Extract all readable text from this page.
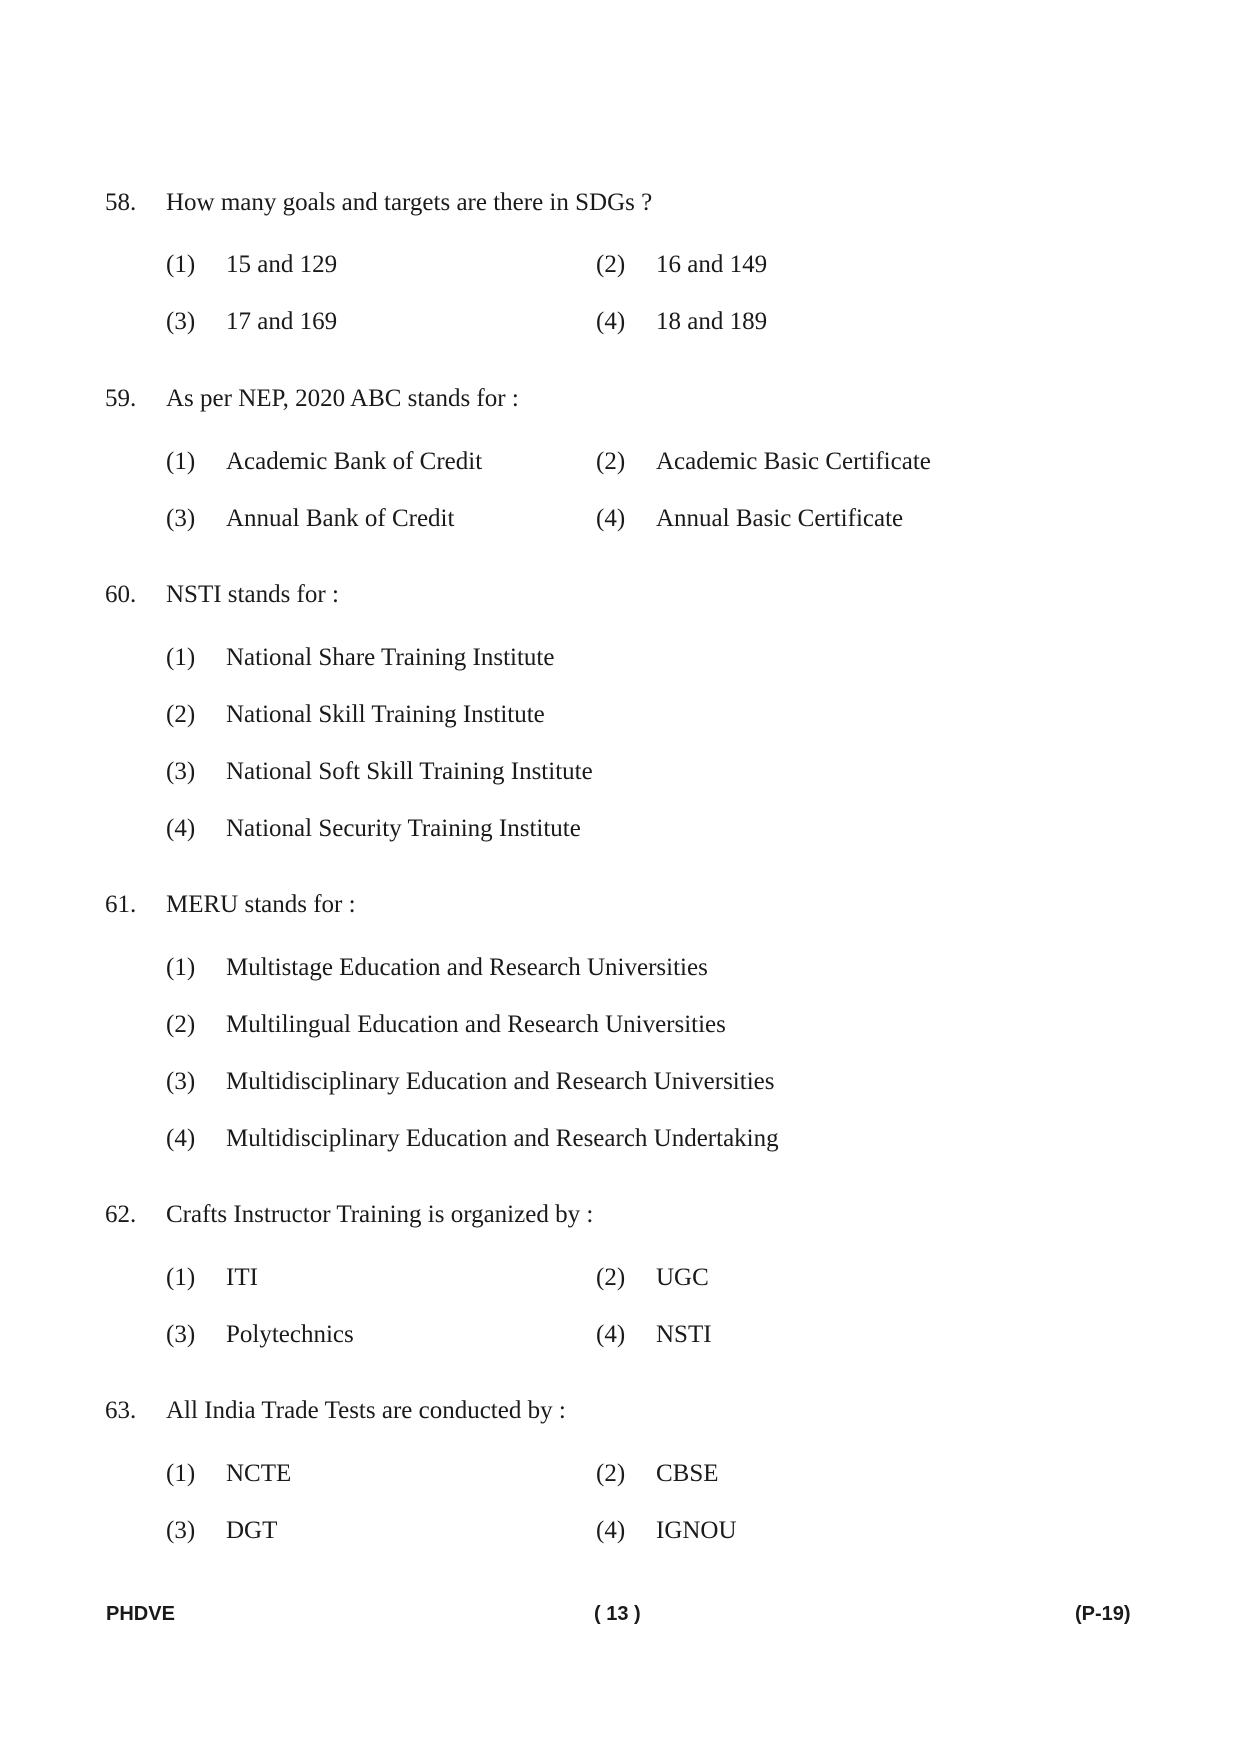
58. How many goals and targets are there in SDGs ?
(1) 15 and 129	(2) 16 and 149
(3) 17 and 169	(4) 18 and 189
59. As per NEP, 2020 ABC stands for :
(1) Academic Bank of Credit	(2) Academic Basic Certificate
(3) Annual Bank of Credit	(4) Annual Basic Certificate
60. NSTI stands for :
(1) National Share Training Institute
(2) National Skill Training Institute
(3) National Soft Skill Training Institute
(4) National Security Training Institute
61. MERU stands for :
(1) Multistage Education and Research Universities
(2) Multilingual Education and Research Universities
(3) Multidisciplinary Education and Research Universities
(4) Multidisciplinary Education and Research Undertaking
62. Crafts Instructor Training is organized by :
(1) ITI	(2) UGC
(3) Polytechnics	(4) NSTI
63. All India Trade Tests are conducted by :
(1) NCTE	(2) CBSE
(3) DGT	(4) IGNOU
PHDVE	( 13 )	(P-19)
